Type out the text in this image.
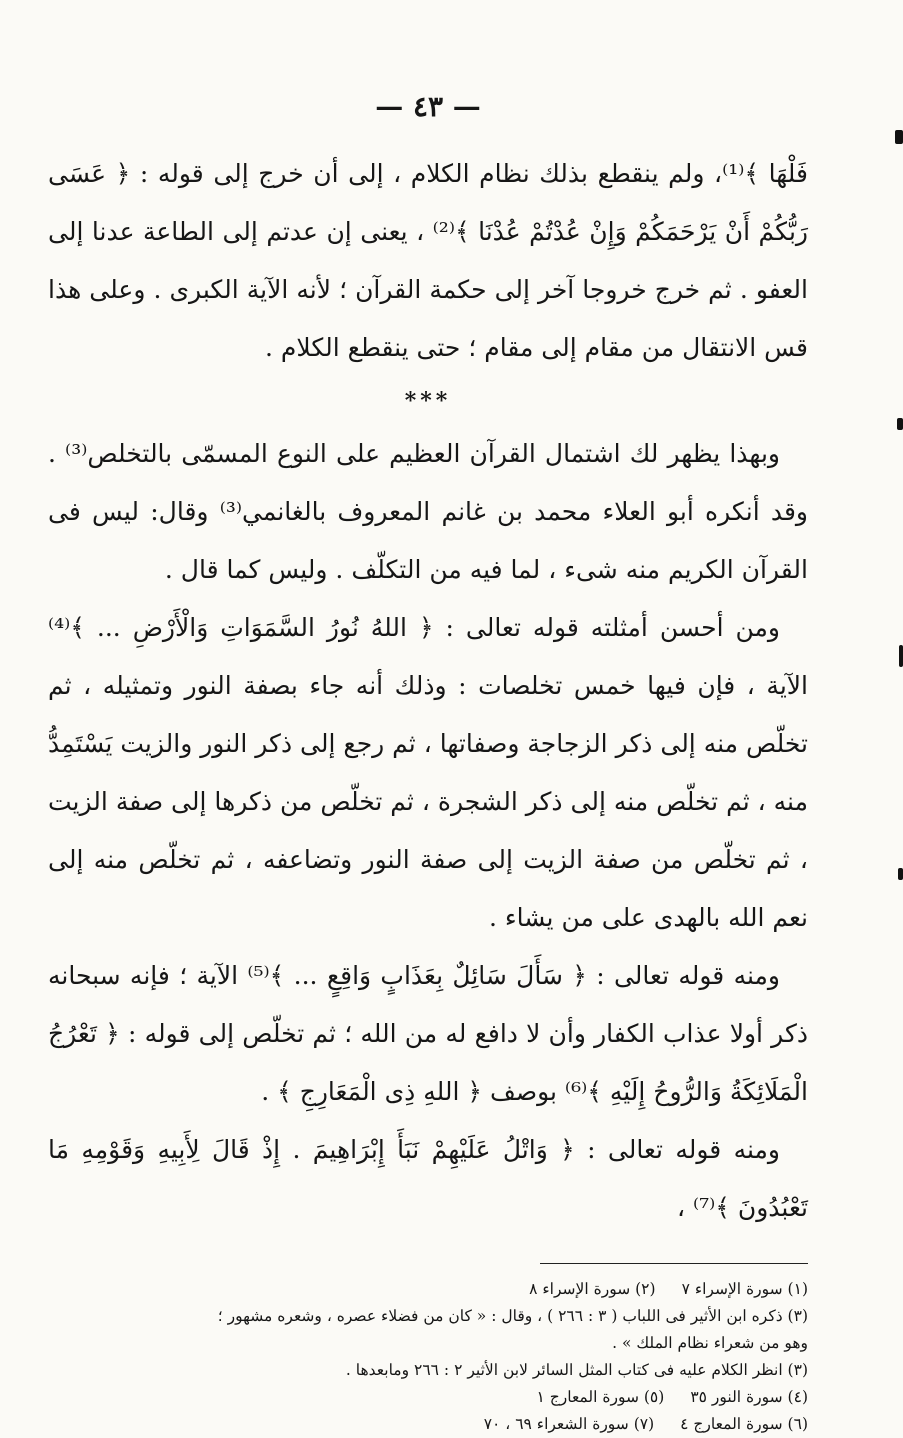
— ٤٣ —

فَلْهَا ﴾⁽¹⁾، ولم ينقطع بذلك نظام الكلام ، إلى أن خرج إلى قوله : ﴿ عَسَى رَبُّكُمْ أَنْ يَرْحَمَكُمْ وَإِنْ عُدْتُمْ عُدْنَا ﴾⁽²⁾ ، يعنى إن عدتم إلى الطاعة عدنا إلى العفو . ثم خرج خروجا آخر إلى حكمة القرآن ؛ لأنه الآية الكبرى . وعلى هذا قس الانتقال من مقام إلى مقام ؛ حتى ينقطع الكلام .

***

وبهذا يظهر لك اشتمال القرآن العظيم على النوع المسمّى بالتخلص⁽³⁾ . وقد أنكره أبو العلاء محمد بن غانم المعروف بالغانمي⁽³⁾ وقال: ليس فى القرآن الكريم منه شىء ، لما فيه من التكلّف . وليس كما قال .

ومن أحسن أمثلته قوله تعالى : ﴿ اللهُ نُورُ السَّمَوَاتِ وَالْأَرْضِ ... ﴾⁽⁴⁾ الآية ، فإن فيها خمس تخلصات : وذلك أنه جاء بصفة النور وتمثيله ، ثم تخلّص منه إلى ذكر الزجاجة وصفاتها ، ثم رجع إلى ذكر النور والزيت يَسْتَمِدُّ منه ، ثم تخلّص منه إلى ذكر الشجرة ، ثم تخلّص من ذكرها إلى صفة الزيت ، ثم تخلّص من صفة الزيت إلى صفة النور وتضاعفه ، ثم تخلّص منه إلى نعم الله بالهدى على من يشاء .

ومنه قوله تعالى : ﴿ سَأَلَ سَائِلٌ بِعَذَابٍ وَاقِعٍ ... ﴾⁽⁵⁾ الآية ؛ فإنه سبحانه ذكر أولا عذاب الكفار وأن لا دافع له من الله ؛ ثم تخلّص إلى قوله : ﴿ تَعْرُجُ الْمَلَائِكَةُ وَالرُّوحُ إِلَيْهِ ﴾⁽⁶⁾ بوصف ﴿ اللهِ ذِى الْمَعَارِجِ ﴾ .

ومنه قوله تعالى : ﴿ وَاتْلُ عَلَيْهِمْ نَبَأَ إِبْرَاهِيمَ . إِذْ قَالَ لِأَبِيهِ وَقَوْمِهِ مَا تَعْبُدُونَ ﴾⁽⁷⁾ ،

(١) سورة الإسراء ٧
(٢) سورة الإسراء ٨
(٣) ذكره ابن الأثير فى اللباب ( ٣ : ٢٦٦ ) ، وقال : « كان من فضلاء عصره ، وشعره مشهور ؛
وهو من شعراء نظام الملك » .
(٣) انظر الكلام عليه فى كتاب المثل السائر لابن الأثير ٢ : ٢٦٦ ومابعدها .
(٤) سورة النور ٣٥
(٥) سورة المعارج ١
(٦) سورة المعارج ٤
(٧) سورة الشعراء ٦٩ ، ٧٠
